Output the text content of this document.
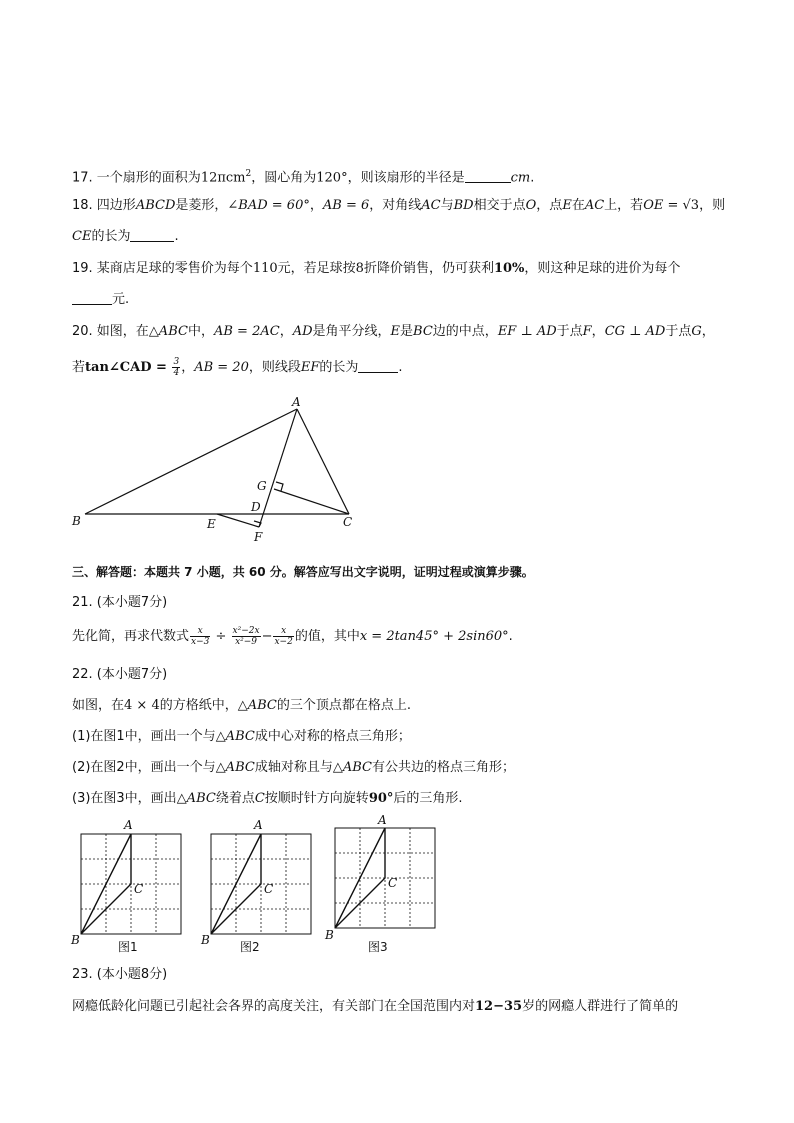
17. 一个扇形的面积为12πcm$^2$，圆心角为120°，则该扇形的半径是	cm.
18. 四边形ABCD是菱形，∠BAD = 60°，AB = 6，对角线AC与BD相交于点O，点E在AC上，若OE = √3，则
CE的长为	.
19. 某商店足球的零售价为每个110元，若足球按8折降价销售，仍可获利10%，则这种足球的进价为每个
元.
20. 如图，在△ABC中，AB = 2AC，AD是角平分线，E是BC边的中点，EF ⊥ AD于点F，CG ⊥ AD于点G，
若tan∠CAD = $\frac{3}{4}$ ，AB = 20，则线段EF的长为	.
A
B	C
D
E
F
G
三、解答题：本题共 7 小题，共 60 分。解答应写出文字说明，证明过程或演算步骤。
21. (本小题7分)
先化简，再求代数式 $\frac{x}{x-3} \div \frac{\text{x²−2x}}{\text{x²−9}} - \frac{x}{x-2}$ 的值，其中x = 2tan45° + 2sin60°.
22. (本小题7分)
如图，在4 × 4的方格纸中，△ABC的三个顶点都在格点上.
(1)在图1中，画出一个与△ABC成中心对称的格点三角形；
(2)在图2中，画出一个与△ABC成轴对称且与△ABC有公共边的格点三角形；
(3)在图3中，画出△ABC绕着点C按顺时针方向旋转90°后的三角形.
A
B
C
图1
A
B
C
图2
A
B
C
图3
23. (本小题8分)
网瘾低龄化问题已引起社会各界的高度关注，有关部门在全国范围内对12−35岁的网瘾人群进行了简单的
